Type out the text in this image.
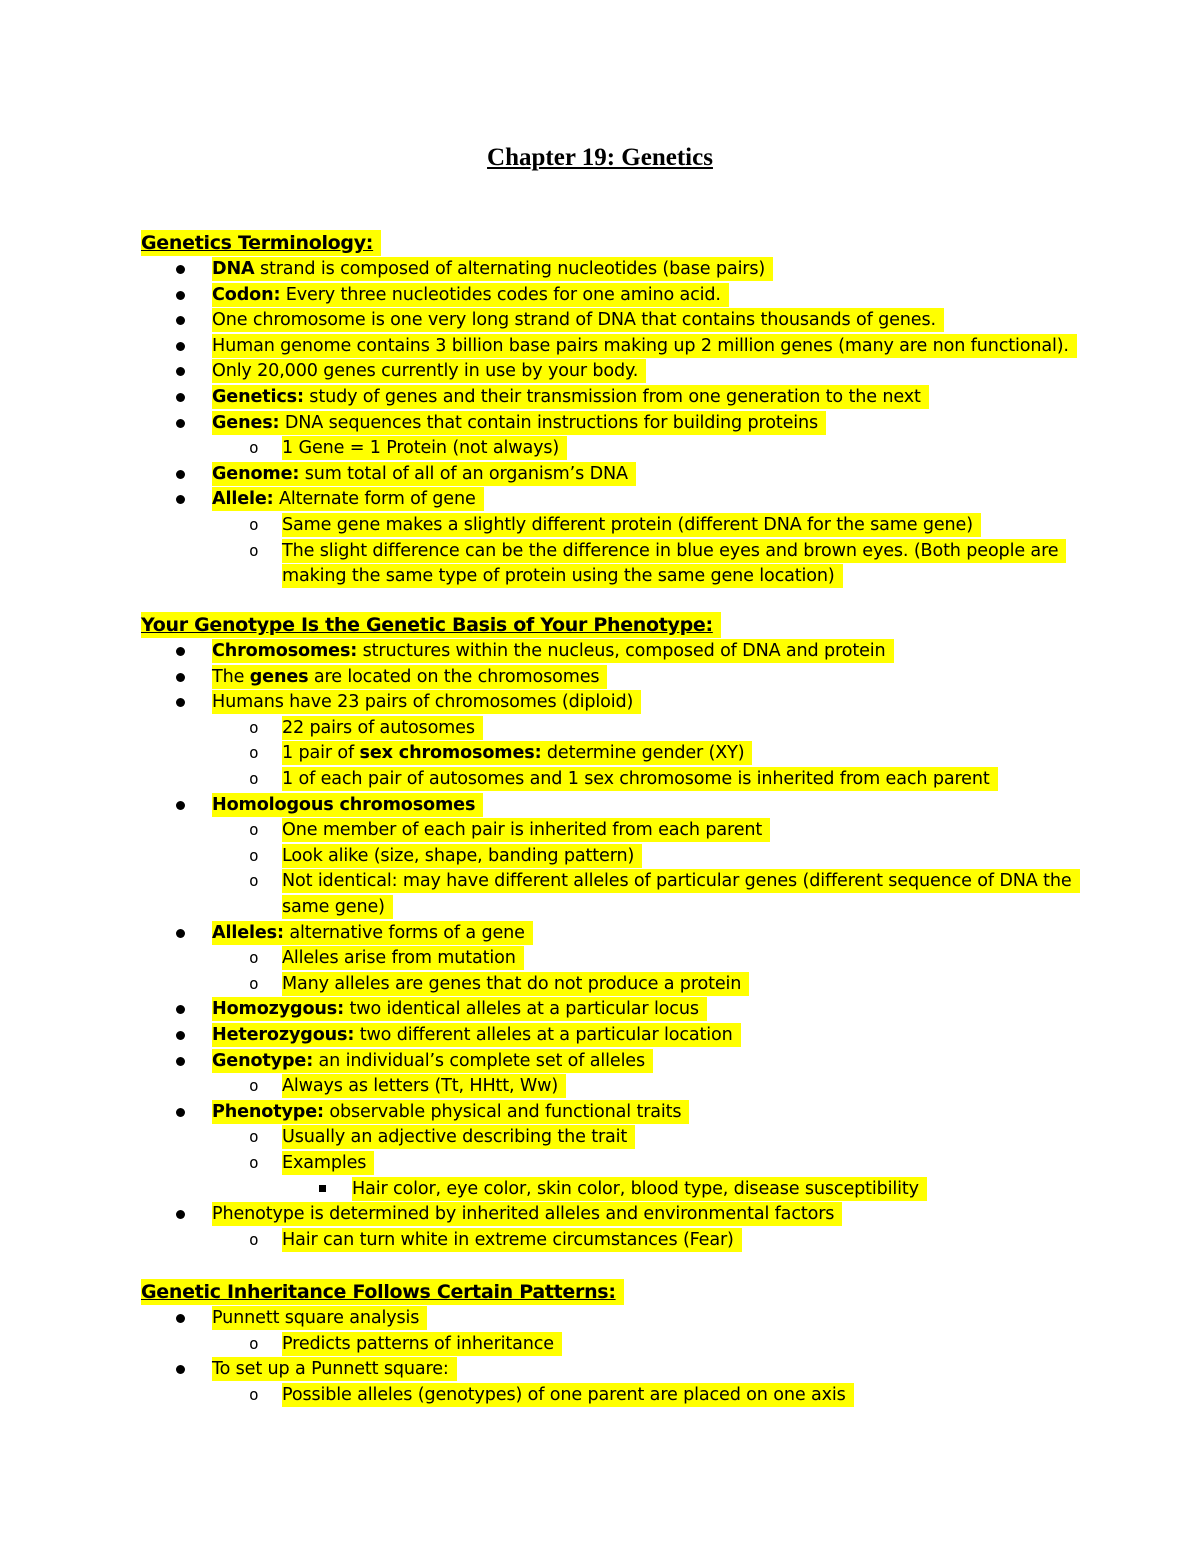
Chapter 19: Genetics
Genetics Terminology:
DNA strand is composed of alternating nucleotides (base pairs)
Codon: Every three nucleotides codes for one amino acid.
One chromosome is one very long strand of DNA that contains thousands of genes.
Human genome contains 3 billion base pairs making up 2 million genes (many are non functional).
Only 20,000 genes currently in use by your body.
Genetics: study of genes and their transmission from one generation to the next
Genes: DNA sequences that contain instructions for building proteins
o 1 Gene = 1 Protein (not always)
Genome: sum total of all of an organism’s DNA
Allele: Alternate form of gene
o Same gene makes a slightly different protein (different DNA for the same gene)
o The slight difference can be the difference in blue eyes and brown eyes. (Both people are
making the same type of protein using the same gene location)
Your Genotype Is the Genetic Basis of Your Phenotype:
Chromosomes: structures within the nucleus, composed of DNA and protein
The genes are located on the chromosomes
Humans have 23 pairs of chromosomes (diploid)
o 22 pairs of autosomes
o 1 pair of sex chromosomes: determine gender (XY)
o 1 of each pair of autosomes and 1 sex chromosome is inherited from each parent
Homologous chromosomes
o One member of each pair is inherited from each parent
o Look alike (size, shape, banding pattern)
o Not identical: may have different alleles of particular genes (different sequence of DNA the
same gene)
Alleles: alternative forms of a gene
o Alleles arise from mutation
o Many alleles are genes that do not produce a protein
Homozygous: two identical alleles at a particular locus
Heterozygous: two different alleles at a particular location
Genotype: an individual’s complete set of alleles
o Always as letters (Tt, HHtt, Ww)
Phenotype: observable physical and functional traits
o Usually an adjective describing the trait
o Examples
Hair color, eye color, skin color, blood type, disease susceptibility
Phenotype is determined by inherited alleles and environmental factors
o Hair can turn white in extreme circumstances (Fear)
Genetic Inheritance Follows Certain Patterns:
Punnett square analysis
o Predicts patterns of inheritance
To set up a Punnett square:
o Possible alleles (genotypes) of one parent are placed on one axis
